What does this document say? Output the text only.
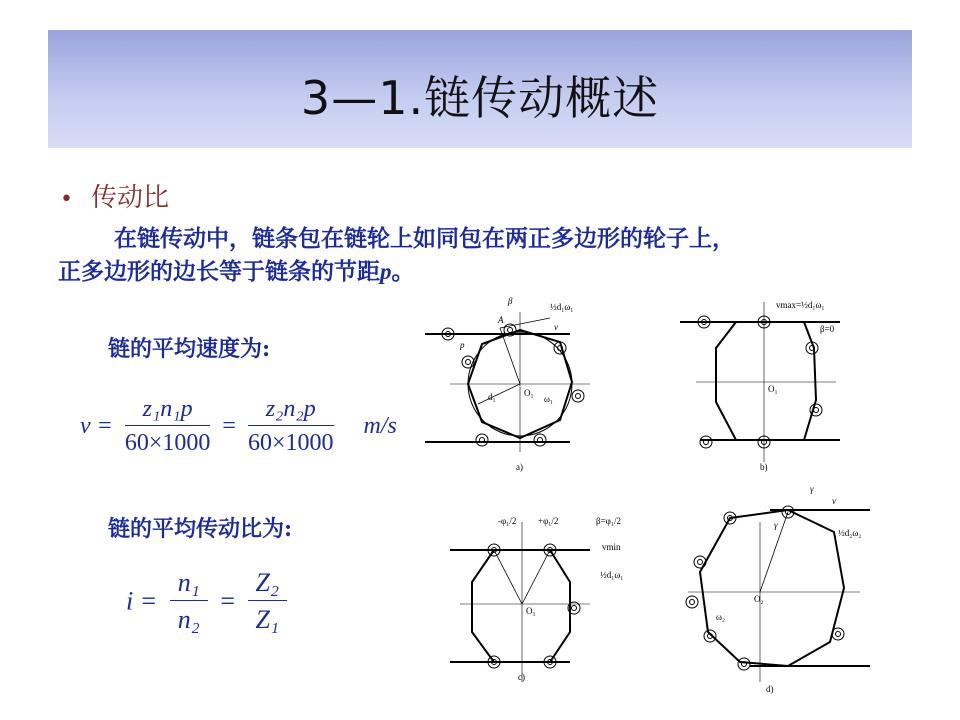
3—1.链传动概述
• 传动比
在链传动中，链条包在链轮上如同包在两正多边形的轮子上，
正多边形的边长等于链条的节距p。
链的平均速度为:
$v = \frac{\text{z₁n₁p}}{60\times 1000} = \frac{\text{z₂n₂p}}{60\times 1000} m/s$
链的平均传动比为:
$i = \frac{\text{n₁}}{\text{n₂}} = \frac{\text{Z₂}}{\text{Z₁}}$
β
½d₁ω₁
A
v
p
O₁
d₁	ω₁
a)
vmax=½d₁ω₁
β=0
O₁
b)
-φ₁/2 +φ₁/2	β=φ₁/2
vmin
½d₁ω₁
O₁
c)
γ
v
γ
½d₂ω₂
O₂
ω₂
d)
